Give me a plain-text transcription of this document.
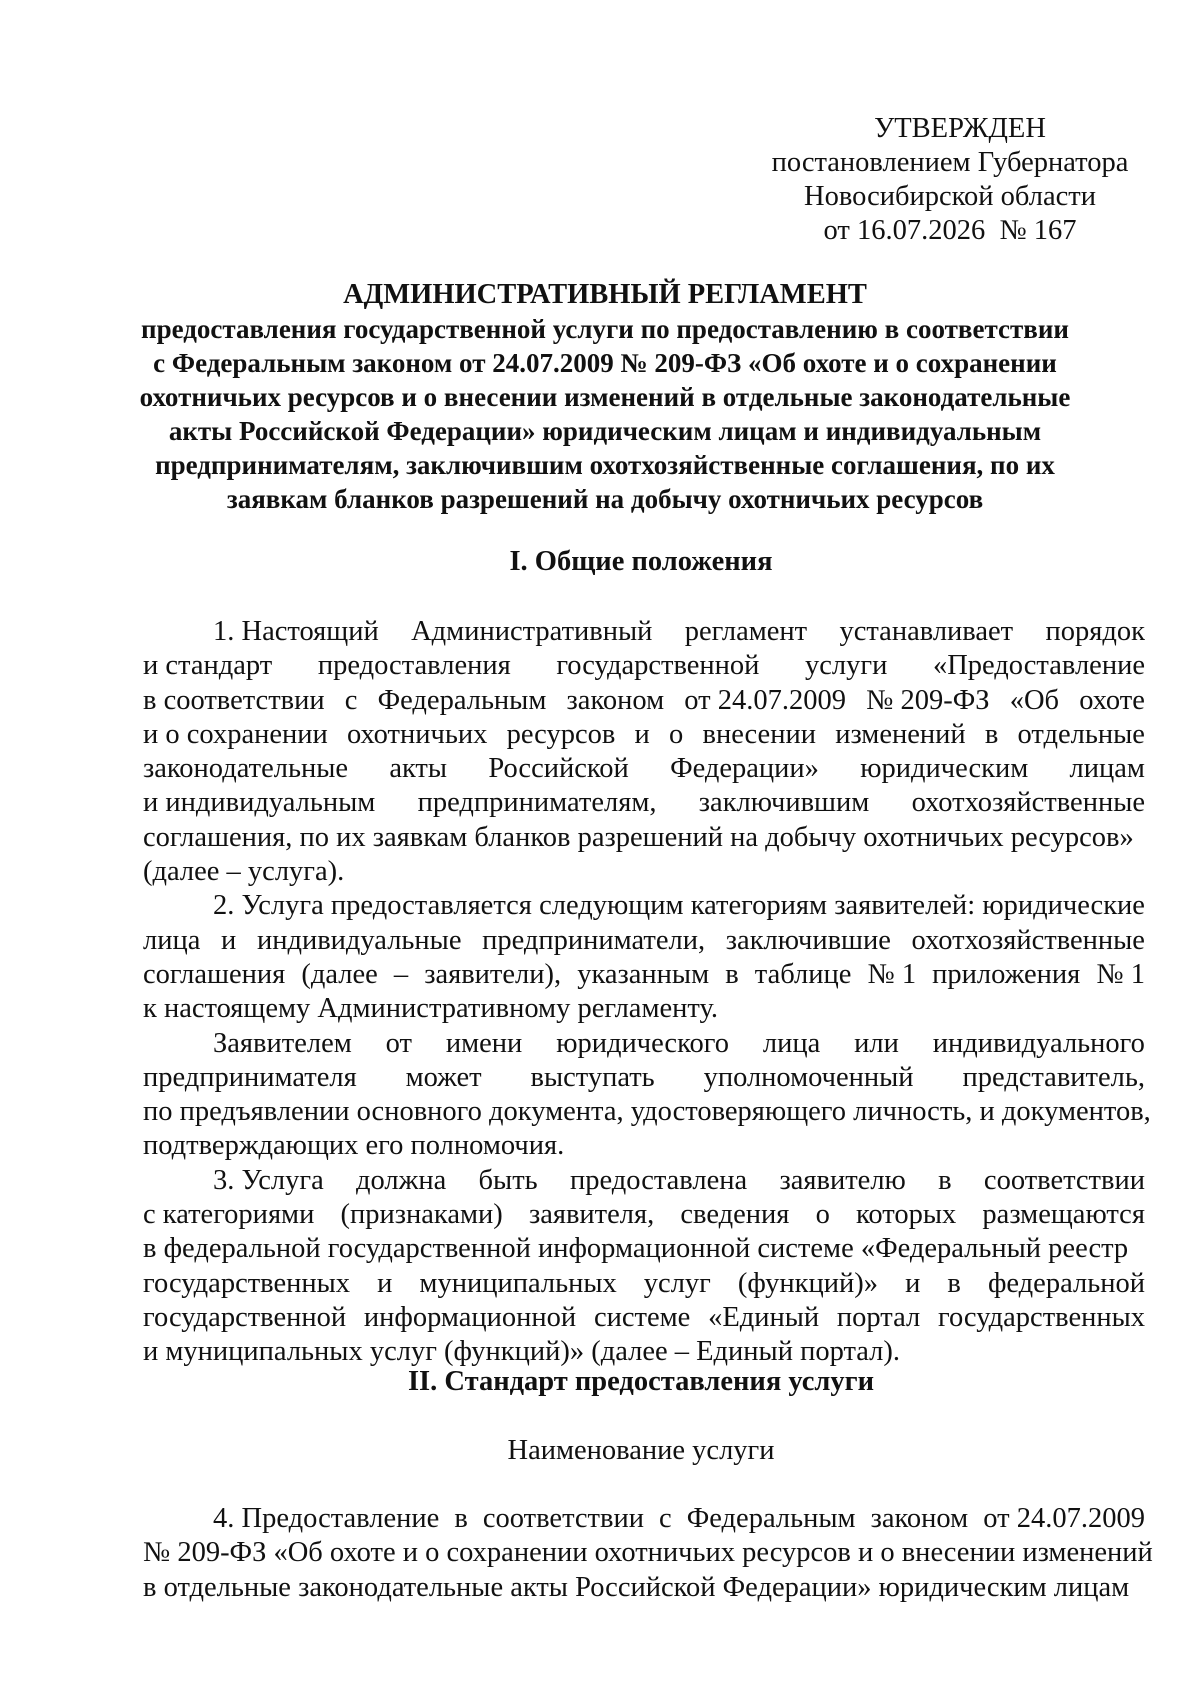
УТВЕРЖДЕН
постановлением Губернатора
Новосибирской области
от 16.07.2026  № 167

АДМИНИСТРАТИВНЫЙ РЕГЛАМЕНТ

предоставления государственной услуги по предоставлению в соответствии
с Федеральным законом от 24.07.2009 № 209-ФЗ «Об охоте и о сохранении
охотничьих ресурсов и о внесении изменений в отдельные законодательные
акты Российской Федерации» юридическим лицам и индивидуальным
предпринимателям, заключившим охотхозяйственные соглашения, по их
заявкам бланков разрешений на добычу охотничьих ресурсов

I. Общие положения

1. Настоящий Административный регламент устанавливает порядок
и стандарт предоставления государственной услуги «Предоставление
в соответствии с Федеральным законом от 24.07.2009 № 209-ФЗ «Об охоте
и о сохранении охотничьих ресурсов и о внесении изменений в отдельные
законодательные акты Российской Федерации» юридическим лицам
и индивидуальным предпринимателям, заключившим охотхозяйственные
соглашения, по их заявкам бланков разрешений на добычу охотничьих ресурсов»
(далее – услуга).
2. Услуга предоставляется следующим категориям заявителей: юридические
лица и индивидуальные предприниматели, заключившие охотхозяйственные
соглашения (далее – заявители), указанным в таблице № 1 приложения № 1
к настоящему Административному регламенту.
Заявителем от имени юридического лица или индивидуального
предпринимателя может выступать уполномоченный представитель,
по предъявлении основного документа, удостоверяющего личность, и документов,
подтверждающих его полномочия.
3. Услуга должна быть предоставлена заявителю в соответствии
с категориями (признаками) заявителя, сведения о которых размещаются
в федеральной государственной информационной системе «Федеральный реестр
государственных и муниципальных услуг (функций)» и в федеральной
государственной информационной системе «Единый портал государственных
и муниципальных услуг (функций)» (далее – Единый портал).

II. Стандарт предоставления услуги

Наименование услуги

4. Предоставление в соответствии с Федеральным законом от 24.07.2009
№ 209-ФЗ «Об охоте и о сохранении охотничьих ресурсов и о внесении изменений
в отдельные законодательные акты Российской Федерации» юридическим лицам
